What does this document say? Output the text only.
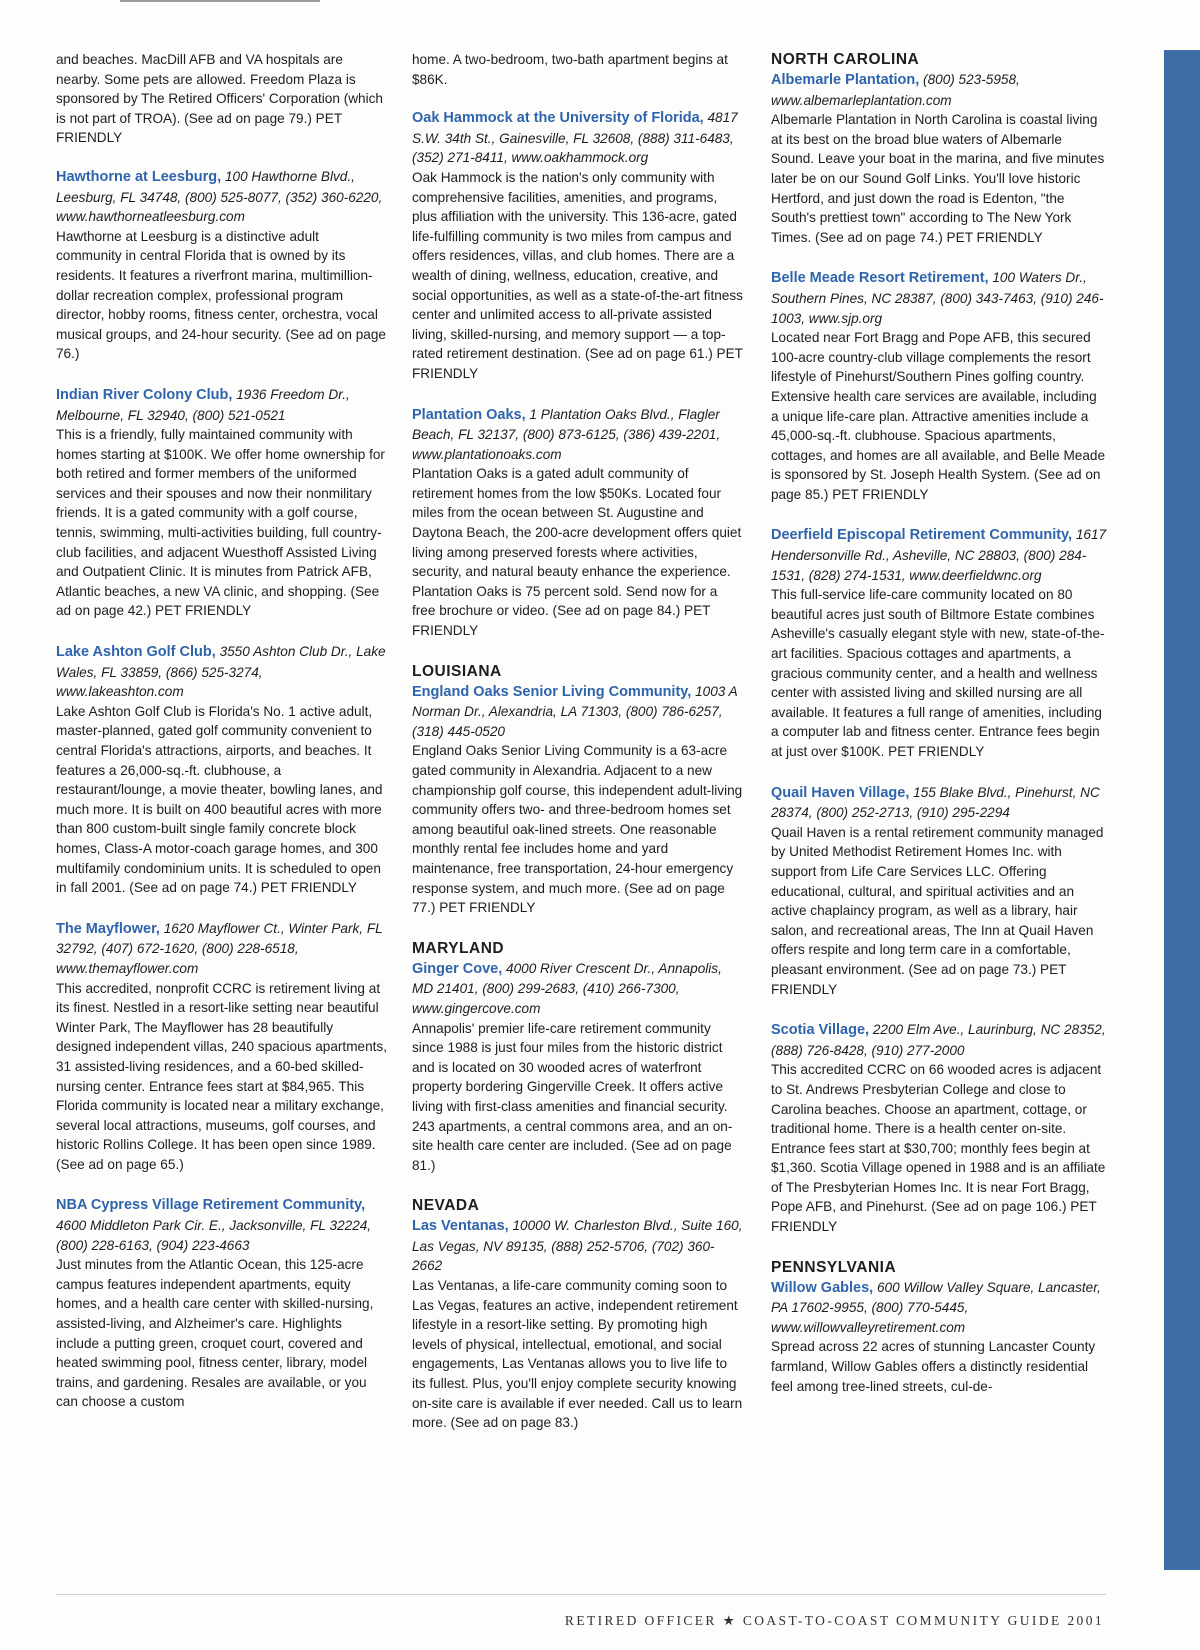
and beaches. MacDill AFB and VA hospitals are nearby. Some pets are allowed. Freedom Plaza is sponsored by The Retired Officers' Corporation (which is not part of TROA). (See ad on page 79.) PET FRIENDLY

Hawthorne at Leesburg, 100 Hawthorne Blvd., Leesburg, FL 34748, (800) 525-8077, (352) 360-6220, www.hawthorneatleesburg.com
Hawthorne at Leesburg is a distinctive adult community in central Florida that is owned by its residents. It features a riverfront marina, multimillion-dollar recreation complex, professional program director, hobby rooms, fitness center, orchestra, vocal musical groups, and 24-hour security. (See ad on page 76.)
Indian River Colony Club, 1936 Freedom Dr., Melbourne, FL 32940, (800) 521-0521
This is a friendly, fully maintained community with homes starting at $100K. We offer home ownership for both retired and former members of the uniformed services and their spouses and now their nonmilitary friends. It is a gated community with a golf course, tennis, swimming, multi-activities building, full country-club facilities, and adjacent Wuesthoff Assisted Living and Outpatient Clinic. It is minutes from Patrick AFB, Atlantic beaches, a new VA clinic, and shopping. (See ad on page 42.) PET FRIENDLY
Lake Ashton Golf Club, 3550 Ashton Club Dr., Lake Wales, FL 33859, (866) 525-3274, www.lakeashton.com
Lake Ashton Golf Club is Florida's No. 1 active adult, master-planned, gated golf community convenient to central Florida's attractions, airports, and beaches. It features a 26,000-sq.-ft. clubhouse, a restaurant/lounge, a movie theater, bowling lanes, and much more. It is built on 400 beautiful acres with more than 800 custom-built single family concrete block homes, Class-A motor-coach garage homes, and 300 multifamily condominium units. It is scheduled to open in fall 2001. (See ad on page 74.) PET FRIENDLY
The Mayflower, 1620 Mayflower Ct., Winter Park, FL 32792, (407) 672-1620, (800) 228-6518, www.themayflower.com
This accredited, nonprofit CCRC is retirement living at its finest. Nestled in a resort-like setting near beautiful Winter Park, The Mayflower has 28 beautifully designed independent villas, 240 spacious apartments, 31 assisted-living residences, and a 60-bed skilled-nursing center. Entrance fees start at $84,965. This Florida community is located near a military exchange, several local attractions, museums, golf courses, and historic Rollins College. It has been open since 1989. (See ad on page 65.)
NBA Cypress Village Retirement Community, 4600 Middleton Park Cir. E., Jacksonville, FL 32224, (800) 228-6163, (904) 223-4663
Just minutes from the Atlantic Ocean, this 125-acre campus features independent apartments, equity homes, and a health care center with skilled-nursing, assisted-living, and Alzheimer's care. Highlights include a putting green, croquet court, covered and heated swimming pool, fitness center, library, model trains, and gardening. Resales are available, or you can choose a custom

home. A two-bedroom, two-bath apartment begins at $86K.

Oak Hammock at the University of Florida, 4817 S.W. 34th St., Gainesville, FL 32608, (888) 311-6483, (352) 271-8411, www.oakhammock.org
Oak Hammock is the nation's only community with comprehensive facilities, amenities, and programs, plus affiliation with the university. This 136-acre, gated life-fulfilling community is two miles from campus and offers residences, villas, and club homes. There are a wealth of dining, wellness, education, creative, and social opportunities, as well as a state-of-the-art fitness center and unlimited access to all-private assisted living, skilled-nursing, and memory support — a top-rated retirement destination. (See ad on page 61.) PET FRIENDLY
Plantation Oaks, 1 Plantation Oaks Blvd., Flagler Beach, FL 32137, (800) 873-6125, (386) 439-2201, www.plantationoaks.com
Plantation Oaks is a gated adult community of retirement homes from the low $50Ks. Located four miles from the ocean between St. Augustine and Daytona Beach, the 200-acre development offers quiet living among preserved forests where activities, security, and natural beauty enhance the experience. Plantation Oaks is 75 percent sold. Send now for a free brochure or video. (See ad on page 84.) PET FRIENDLY
LOUISIANA
England Oaks Senior Living Community, 1003 A Norman Dr., Alexandria, LA 71303, (800) 786-6257, (318) 445-0520
England Oaks Senior Living Community is a 63-acre gated community in Alexandria. Adjacent to a new championship golf course, this independent adult-living community offers two- and three-bedroom homes set among beautiful oak-lined streets. One reasonable monthly rental fee includes home and yard maintenance, free transportation, 24-hour emergency response system, and much more. (See ad on page 77.) PET FRIENDLY
MARYLAND
Ginger Cove, 4000 River Crescent Dr., Annapolis, MD 21401, (800) 299-2683, (410) 266-7300, www.gingercove.com
Annapolis' premier life-care retirement community since 1988 is just four miles from the historic district and is located on 30 wooded acres of waterfront property bordering Gingerville Creek. It offers active living with first-class amenities and financial security. 243 apartments, a central commons area, and an on-site health care center are included. (See ad on page 81.)
NEVADA
Las Ventanas, 10000 W. Charleston Blvd., Suite 160, Las Vegas, NV 89135, (888) 252-5706, (702) 360-2662
Las Ventanas, a life-care community coming soon to Las Vegas, features an active, independent retirement lifestyle in a resort-like setting. By promoting high levels of physical, intellectual, emotional, and social engagements, Las Ventanas allows you to live life to its fullest. Plus, you'll enjoy complete security knowing on-site care is available if ever needed. Call us to learn more. (See ad on page 83.)
NORTH CAROLINA
Albemarle Plantation, (800) 523-5958, www.albemarleplantation.com
Albemarle Plantation in North Carolina is coastal living at its best on the broad blue waters of Albemarle Sound. Leave your boat in the marina, and five minutes later be on our Sound Golf Links. You'll love historic Hertford, and just down the road is Edenton, "the South's prettiest town" according to The New York Times. (See ad on page 74.) PET FRIENDLY
Belle Meade Resort Retirement, 100 Waters Dr., Southern Pines, NC 28387, (800) 343-7463, (910) 246-1003, www.sjp.org
Located near Fort Bragg and Pope AFB, this secured 100-acre country-club village complements the resort lifestyle of Pinehurst/Southern Pines golfing country. Extensive health care services are available, including a unique life-care plan. Attractive amenities include a 45,000-sq.-ft. clubhouse. Spacious apartments, cottages, and homes are all available, and Belle Meade is sponsored by St. Joseph Health System. (See ad on page 85.) PET FRIENDLY
Deerfield Episcopal Retirement Community, 1617 Hendersonville Rd., Asheville, NC 28803, (800) 284-1531, (828) 274-1531, www.deerfieldwnc.org
This full-service life-care community located on 80 beautiful acres just south of Biltmore Estate combines Asheville's casually elegant style with new, state-of-the-art facilities. Spacious cottages and apartments, a gracious community center, and a health and wellness center with assisted living and skilled nursing are all available. It features a full range of amenities, including a computer lab and fitness center. Entrance fees begin at just over $100K. PET FRIENDLY
Quail Haven Village, 155 Blake Blvd., Pinehurst, NC 28374, (800) 252-2713, (910) 295-2294
Quail Haven is a rental retirement community managed by United Methodist Retirement Homes Inc. with support from Life Care Services LLC. Offering educational, cultural, and spiritual activities and an active chaplaincy program, as well as a library, hair salon, and recreational areas, The Inn at Quail Haven offers respite and long term care in a comfortable, pleasant environment. (See ad on page 73.) PET FRIENDLY
Scotia Village, 2200 Elm Ave., Laurinburg, NC 28352, (888) 726-8428, (910) 277-2000
This accredited CCRC on 66 wooded acres is adjacent to St. Andrews Presbyterian College and close to Carolina beaches. Choose an apartment, cottage, or traditional home. There is a health center on-site. Entrance fees start at $30,700; monthly fees begin at $1,360. Scotia Village opened in 1988 and is an affiliate of The Presbyterian Homes Inc. It is near Fort Bragg, Pope AFB, and Pinehurst. (See ad on page 106.) PET FRIENDLY
PENNSYLVANIA
Willow Gables, 600 Willow Valley Square, Lancaster, PA 17602-9955, (800) 770-5445, www.willowvalleyretirement.com
Spread across 22 acres of stunning Lancaster County farmland, Willow Gables offers a distinctly residential feel among tree-lined streets, cul-de-
RETIRED OFFICER ★ COAST-TO-COAST COMMUNITY GUIDE 2001
